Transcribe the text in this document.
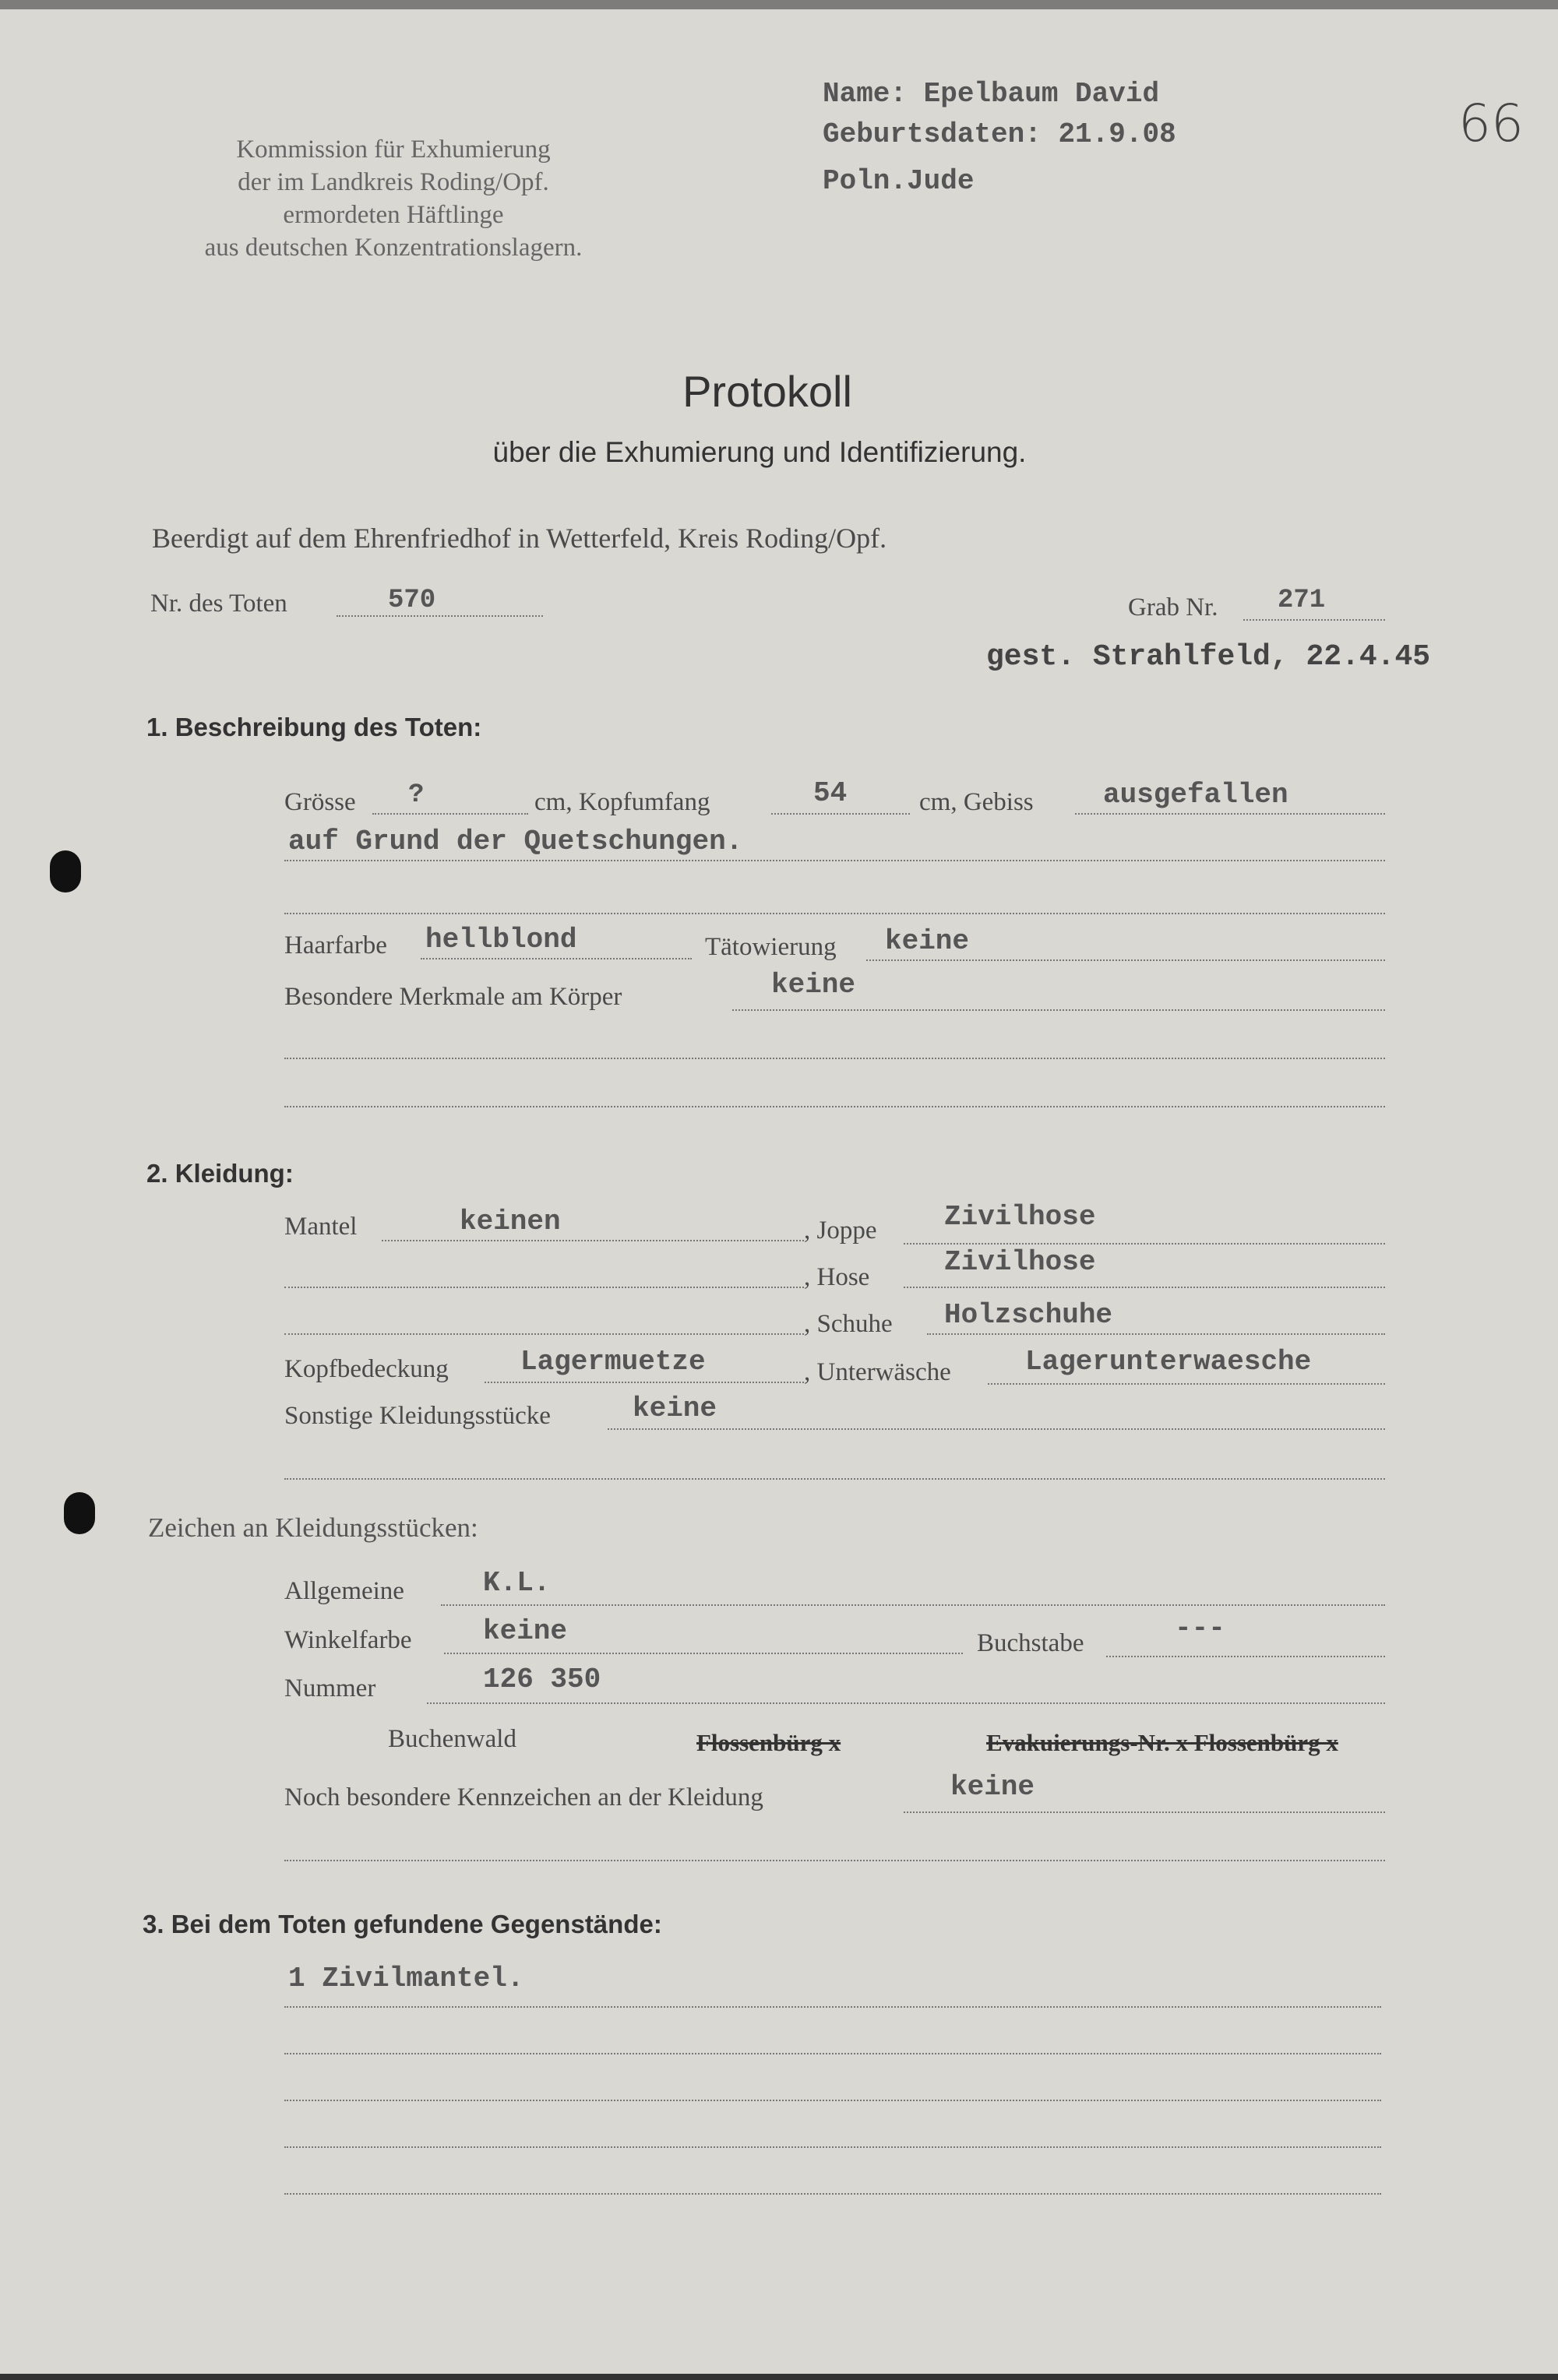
Kommission für Exhumierung
der im Landkreis Roding/Opf.
ermordeten Häftlinge
aus deutschen Konzentrationslagern.
Name: Epelbaum David
Geburtsdaten: 21.9.08
Poln.Jude
66
Protokoll
über die Exhumierung und Identifizierung.
Beerdigt auf dem Ehrenfriedhof in Wetterfeld, Kreis Roding/Opf.
Nr. des Toten	570	Grab Nr. 271
gest. Strahlfeld, 22.4.45
1. Beschreibung des Toten:
Grösse ?	cm, Kopfumfang	54	cm, Gebiss ausgefallen
auf Grund der Quetschungen.
Haarfarbe hellblond	Tätowierung keine
Besondere Merkmale am Körper	keine
2. Kleidung:
Mantel	keinen	, Joppe Zivilhose
, Hose	Zivilhose
, Schuhe Holzschuhe
Kopfbedeckung	Lagermuetze	, Unterwäsche	Lagerunterwaesche
Sonstige Kleidungsstücke	keine
Zeichen an Kleidungsstücken:
Allgemeine	K.L.
Winkelfarbe	keine	Buchstabe	---
Nummer	126 350
Buchenwald	Flossenbürg x	Evakuierungs-Nr. x Flossenbürg x
Noch besondere Kennzeichen an der Kleidung	keine
3. Bei dem Toten gefundene Gegenstände:
1 Zivilmantel.
